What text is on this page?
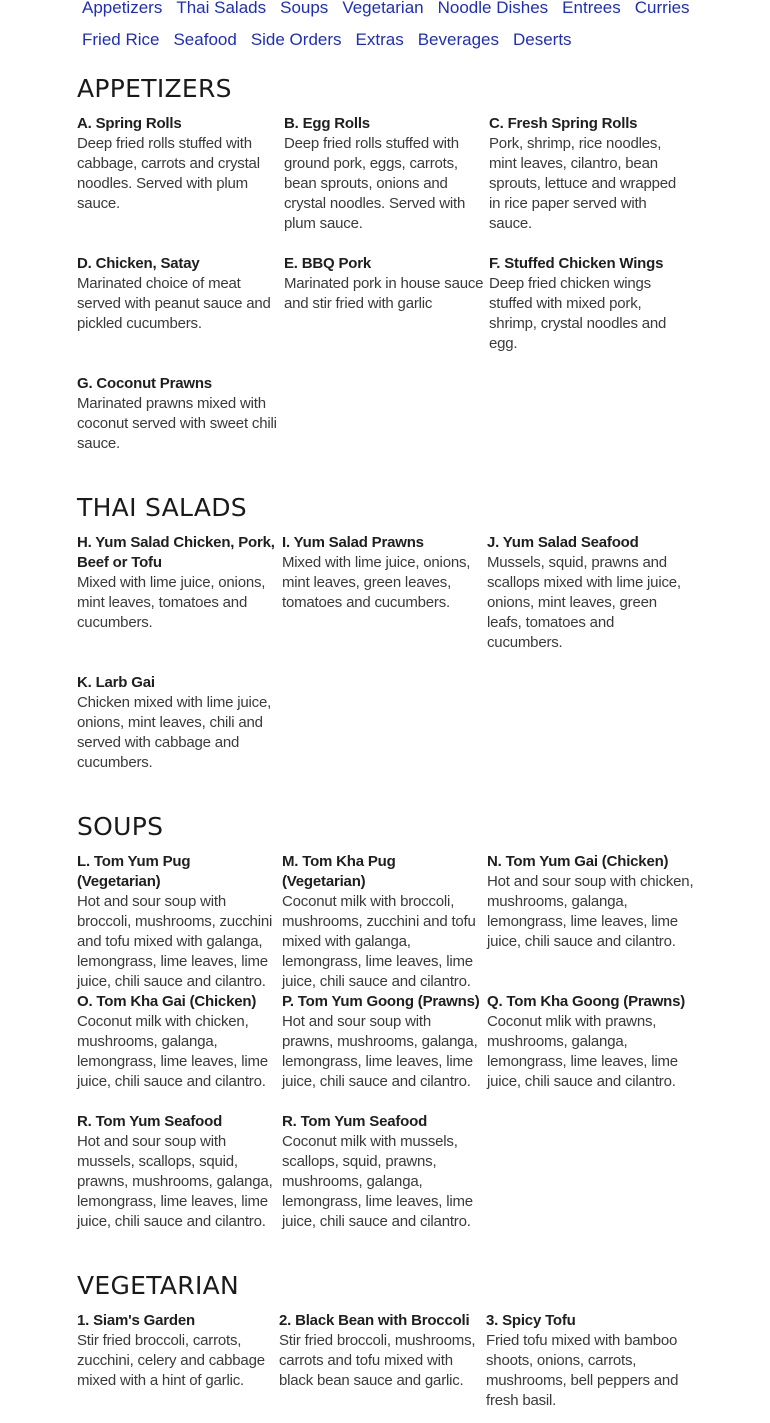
Appetizers Thai Salads Soups Vegetarian Noodle Dishes Entrees Curries
Fried Rice Seafood Side Orders Extras Beverages Deserts
APPETIZERS
A. Spring Rolls
Deep fried rolls stuffed with cabbage, carrots and crystal noodles. Served with plum sauce.
B. Egg Rolls
Deep fried rolls stuffed with ground pork, eggs, carrots, bean sprouts, onions and crystal noodles. Served with plum sauce.
C. Fresh Spring Rolls
Pork, shrimp, rice noodles, mint leaves, cilantro, bean sprouts, lettuce and wrapped in rice paper served with sauce.
D. Chicken, Satay
Marinated choice of meat served with peanut sauce and pickled cucumbers.
E. BBQ Pork
Marinated pork in house sauce and stir fried with garlic
F. Stuffed Chicken Wings
Deep fried chicken wings stuffed with mixed pork, shrimp, crystal noodles and egg.
G. Coconut Prawns
Marinated prawns mixed with coconut served with sweet chili sauce.
THAI SALADS
H. Yum Salad Chicken, Pork, Beef or Tofu
Mixed with lime juice, onions, mint leaves, tomatoes and cucumbers.
I. Yum Salad Prawns
Mixed with lime juice, onions, mint leaves, green leaves, tomatoes and cucumbers.
J. Yum Salad Seafood
Mussels, squid, prawns and scallops mixed with lime juice, onions, mint leaves, green leafs, tomatoes and cucumbers.
K. Larb Gai
Chicken mixed with lime juice, onions, mint leaves, chili and served with cabbage and cucumbers.
SOUPS
L. Tom Yum Pug (Vegetarian)
Hot and sour soup with broccoli, mushrooms, zucchini and tofu mixed with galanga, lemongrass, lime leaves, lime juice, chili sauce and cilantro.
M. Tom Kha Pug (Vegetarian)
Coconut milk with broccoli, mushrooms, zucchini and tofu mixed with galanga, lemongrass, lime leaves, lime juice, chili sauce and cilantro.
N. Tom Yum Gai (Chicken)
Hot and sour soup with chicken, mushrooms, galanga, lemongrass, lime leaves, lime juice, chili sauce and cilantro.
O. Tom Kha Gai (Chicken)
Coconut milk with chicken, mushrooms, galanga, lemongrass, lime leaves, lime juice, chili sauce and cilantro.
P. Tom Yum Goong (Prawns)
Hot and sour soup with prawns, mushrooms, galanga, lemongrass, lime leaves, lime juice, chili sauce and cilantro.
Q. Tom Kha Goong (Prawns)
Coconut mlik with prawns, mushrooms, galanga, lemongrass, lime leaves, lime juice, chili sauce and cilantro.
R. Tom Yum Seafood
Hot and sour soup with mussels, scallops, squid, prawns, mushrooms, galanga, lemongrass, lime leaves, lime juice, chili sauce and cilantro.
R. Tom Yum Seafood
Coconut milk with mussels, scallops, squid, prawns, mushrooms, galanga, lemongrass, lime leaves, lime juice, chili sauce and cilantro.
VEGETARIAN
1. Siam's Garden
Stir fried broccoli, carrots, zucchini, celery and cabbage mixed with a hint of garlic.
2. Black Bean with Broccoli
Stir fried broccoli, mushrooms, carrots and tofu mixed with black bean sauce and garlic.
3. Spicy Tofu
Fried tofu mixed with bamboo shoots, onions, carrots, mushrooms, bell peppers and fresh basil.
